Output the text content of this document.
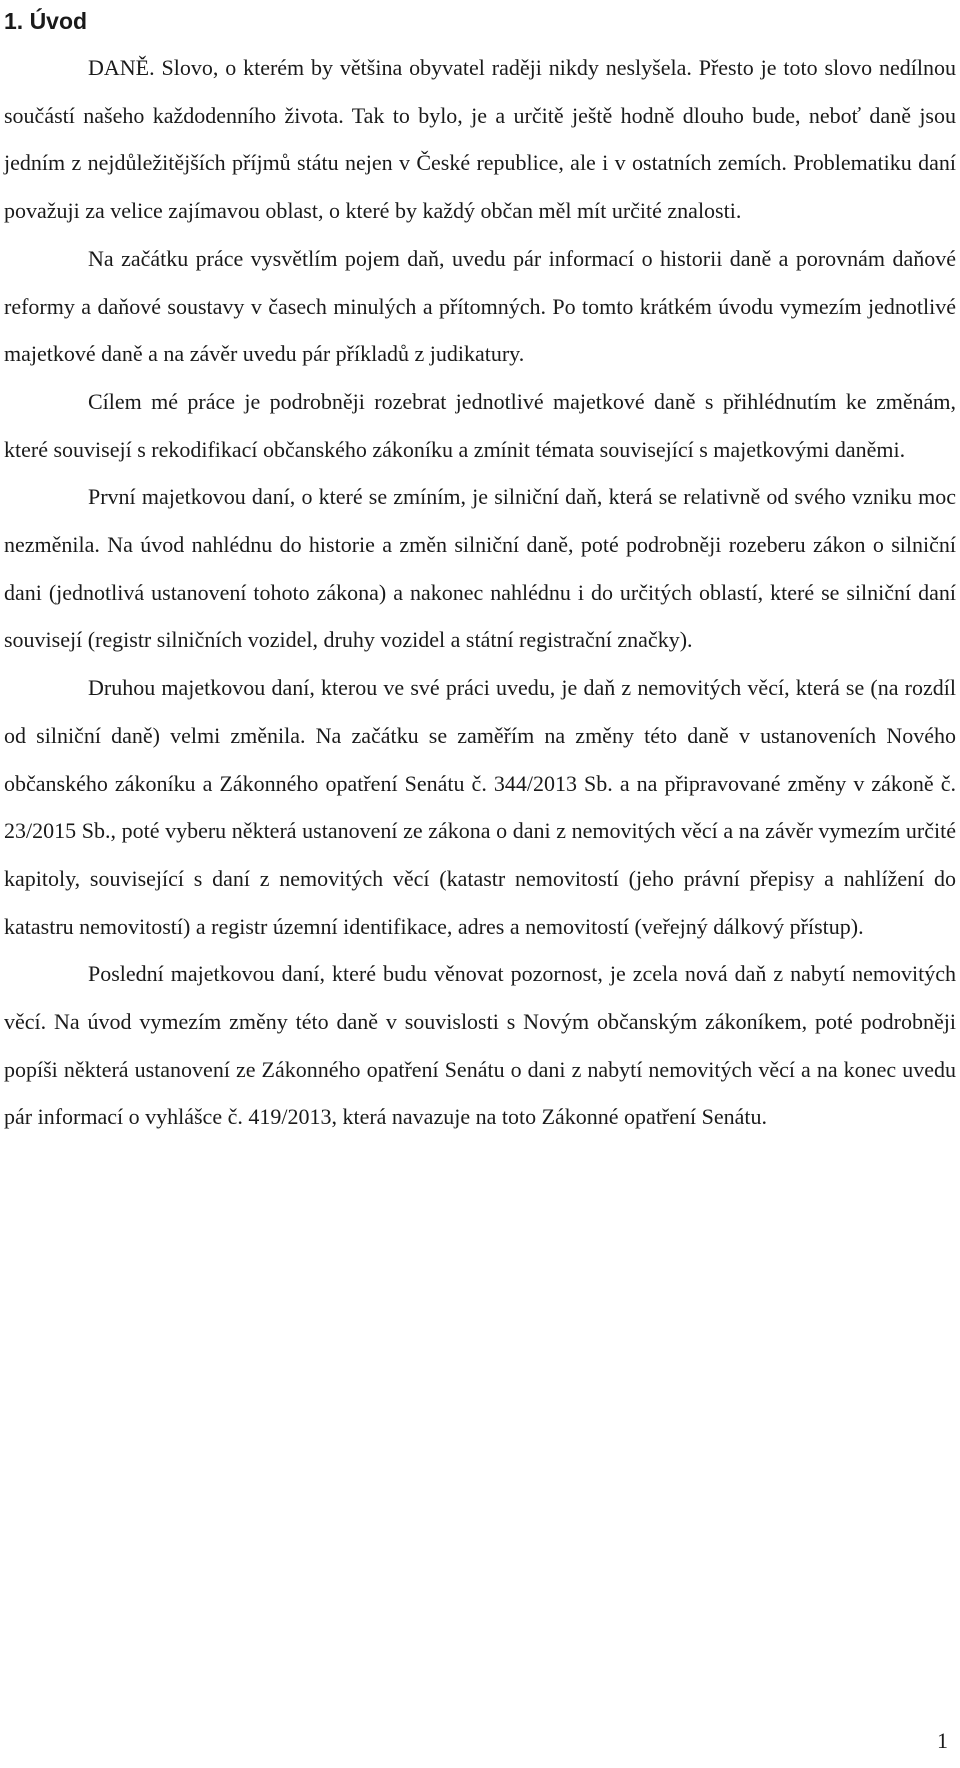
1. Úvod

DANĚ. Slovo, o kterém by většina obyvatel raději nikdy neslyšela. Přesto je toto slovo nedílnou součástí našeho každodenního života. Tak to bylo, je a určitě ještě hodně dlouho bude, neboť daně jsou jedním z nejdůležitějších příjmů státu nejen v České republice, ale i v ostatních zemích. Problematiku daní považuji za velice zajímavou oblast, o které by každý občan měl mít určité znalosti.

Na začátku práce vysvětlím pojem daň, uvedu pár informací o historii daně a porovnám daňové reformy a daňové soustavy v časech minulých a přítomných. Po tomto krátkém úvodu vymezím jednotlivé majetkové daně a na závěr uvedu pár příkladů z judikatury.

Cílem mé práce je podrobněji rozebrat jednotlivé majetkové daně s přihlédnutím ke změnám, které souvisejí s rekodifikací občanského zákoníku a zmínit témata související s majetkovými daněmi.

První majetkovou daní, o které se zmíním, je silniční daň, která se relativně od svého vzniku moc nezměnila. Na úvod nahlédnu do historie a změn silniční daně, poté podrobněji rozeberu zákon o silniční dani (jednotlivá ustanovení tohoto zákona) a nakonec nahlédnu i do určitých oblastí, které se silniční daní souvisejí (registr silničních vozidel, druhy vozidel a státní registrační značky).

Druhou majetkovou daní, kterou ve své práci uvedu, je daň z nemovitých věcí, která se (na rozdíl od silniční daně) velmi změnila. Na začátku se zaměřím na změny této daně v ustanoveních Nového občanského zákoníku a Zákonného opatření Senátu č. 344/2013 Sb. a na připravované změny v zákoně č. 23/2015 Sb., poté vyberu některá ustanovení ze zákona o dani z nemovitých věcí a na závěr vymezím určité kapitoly, související s daní z nemovitých věcí (katastr nemovitostí (jeho právní přepisy a nahlížení do katastru nemovitostí) a registr územní identifikace, adres a nemovitostí (veřejný dálkový přístup).

Poslední majetkovou daní, které budu věnovat pozornost, je zcela nová daň z nabytí nemovitých věcí. Na úvod vymezím změny této daně v souvislosti s Novým občanským zákoníkem, poté podrobněji popíši některá ustanovení ze Zákonného opatření Senátu o dani z nabytí nemovitých věcí a na konec uvedu pár informací o vyhlášce č. 419/2013, která navazuje na toto Zákonné opatření Senátu.

1
